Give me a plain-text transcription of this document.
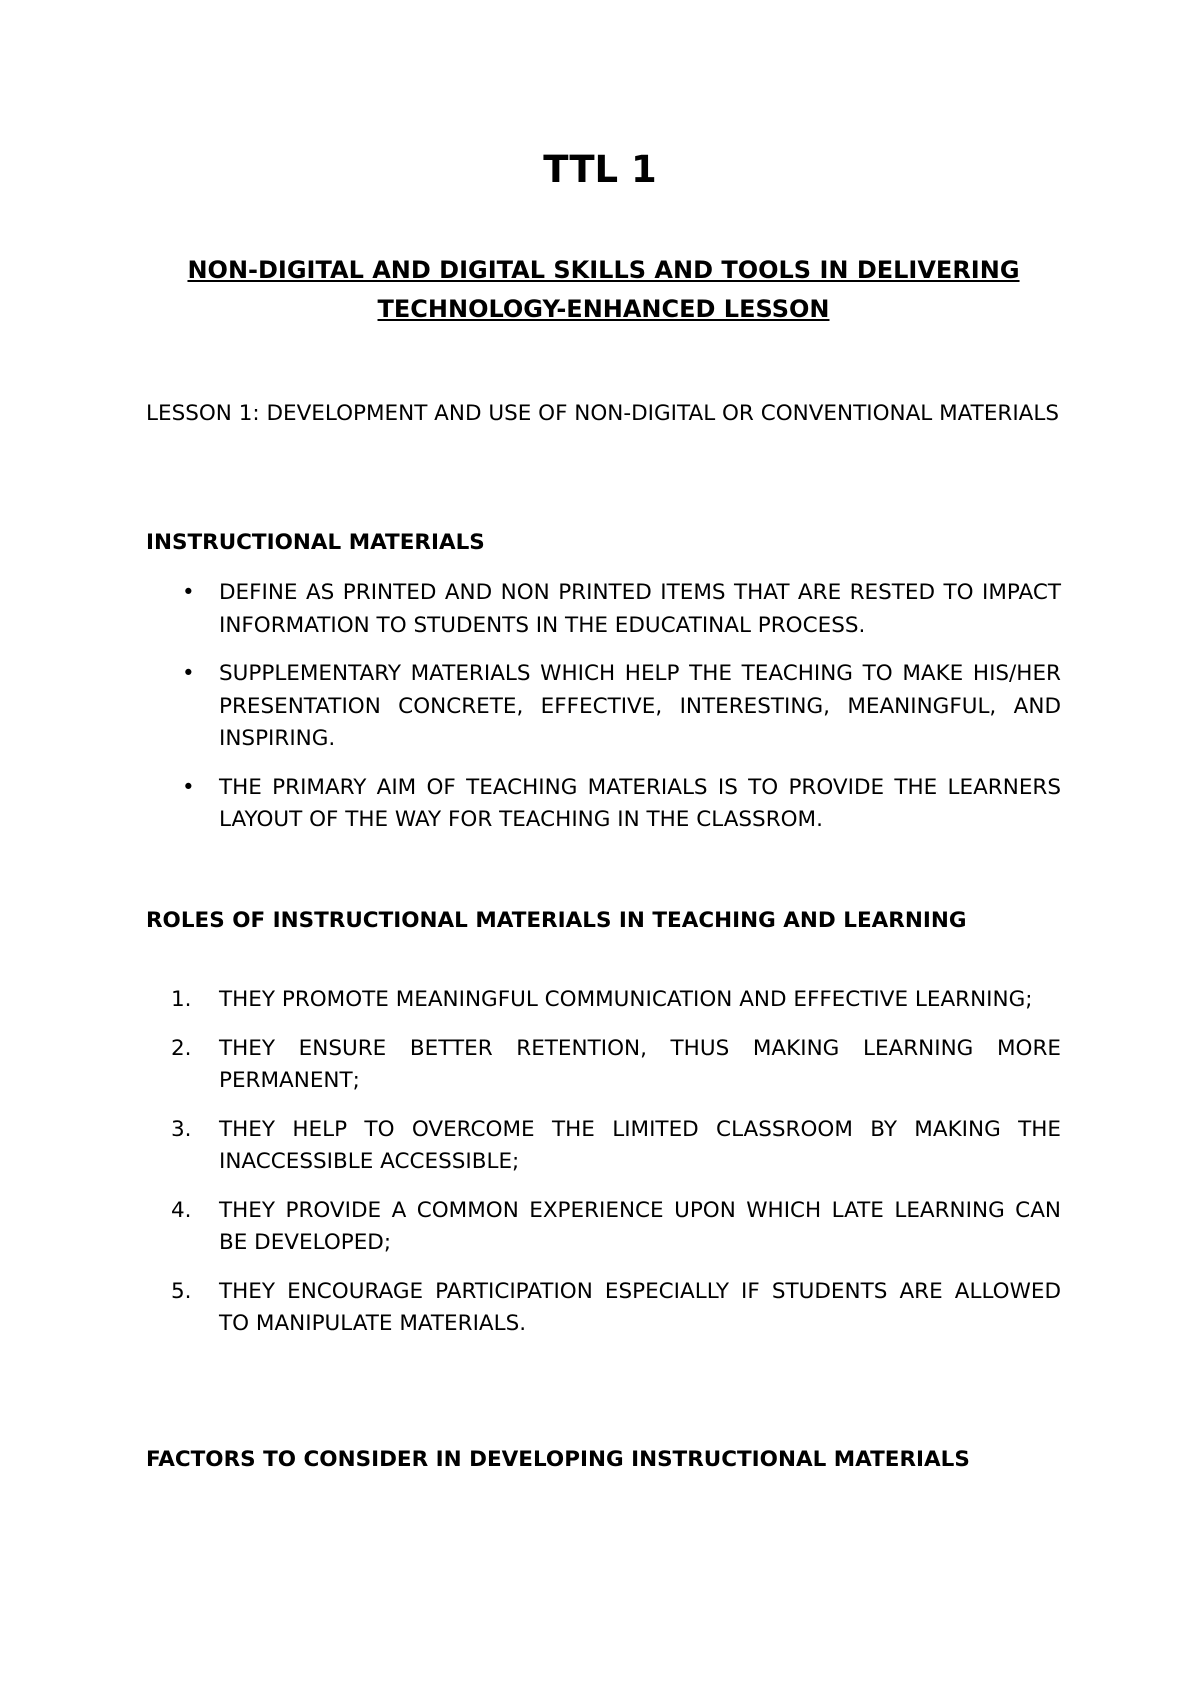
TTL 1
NON-DIGITAL AND DIGITAL SKILLS AND TOOLS IN DELIVERING TECHNOLOGY-ENHANCED LESSON
LESSON 1: DEVELOPMENT AND USE OF NON-DIGITAL OR CONVENTIONAL MATERIALS
INSTRUCTIONAL MATERIALS
• DEFINE AS PRINTED AND NON PRINTED ITEMS THAT ARE RESTED TO IMPACT INFORMATION TO STUDENTS IN THE EDUCATINAL PROCESS.
• SUPPLEMENTARY MATERIALS WHICH HELP THE TEACHING TO MAKE HIS/HER PRESENTATION CONCRETE, EFFECTIVE, INTERESTING, MEANINGFUL, AND INSPIRING.
• THE PRIMARY AIM OF TEACHING MATERIALS IS TO PROVIDE THE LEARNERS LAYOUT OF THE WAY FOR TEACHING IN THE CLASSROM.
ROLES OF INSTRUCTIONAL MATERIALS IN TEACHING AND LEARNING
1. THEY PROMOTE MEANINGFUL COMMUNICATION AND EFFECTIVE LEARNING;
2. THEY ENSURE BETTER RETENTION, THUS MAKING LEARNING MORE PERMANENT;
3. THEY HELP TO OVERCOME THE LIMITED CLASSROOM BY MAKING THE INACCESSIBLE ACCESSIBLE;
4. THEY PROVIDE A COMMON EXPERIENCE UPON WHICH LATE LEARNING CAN BE DEVELOPED;
5. THEY ENCOURAGE PARTICIPATION ESPECIALLY IF STUDENTS ARE ALLOWED TO MANIPULATE MATERIALS.
FACTORS TO CONSIDER IN DEVELOPING INSTRUCTIONAL MATERIALS
